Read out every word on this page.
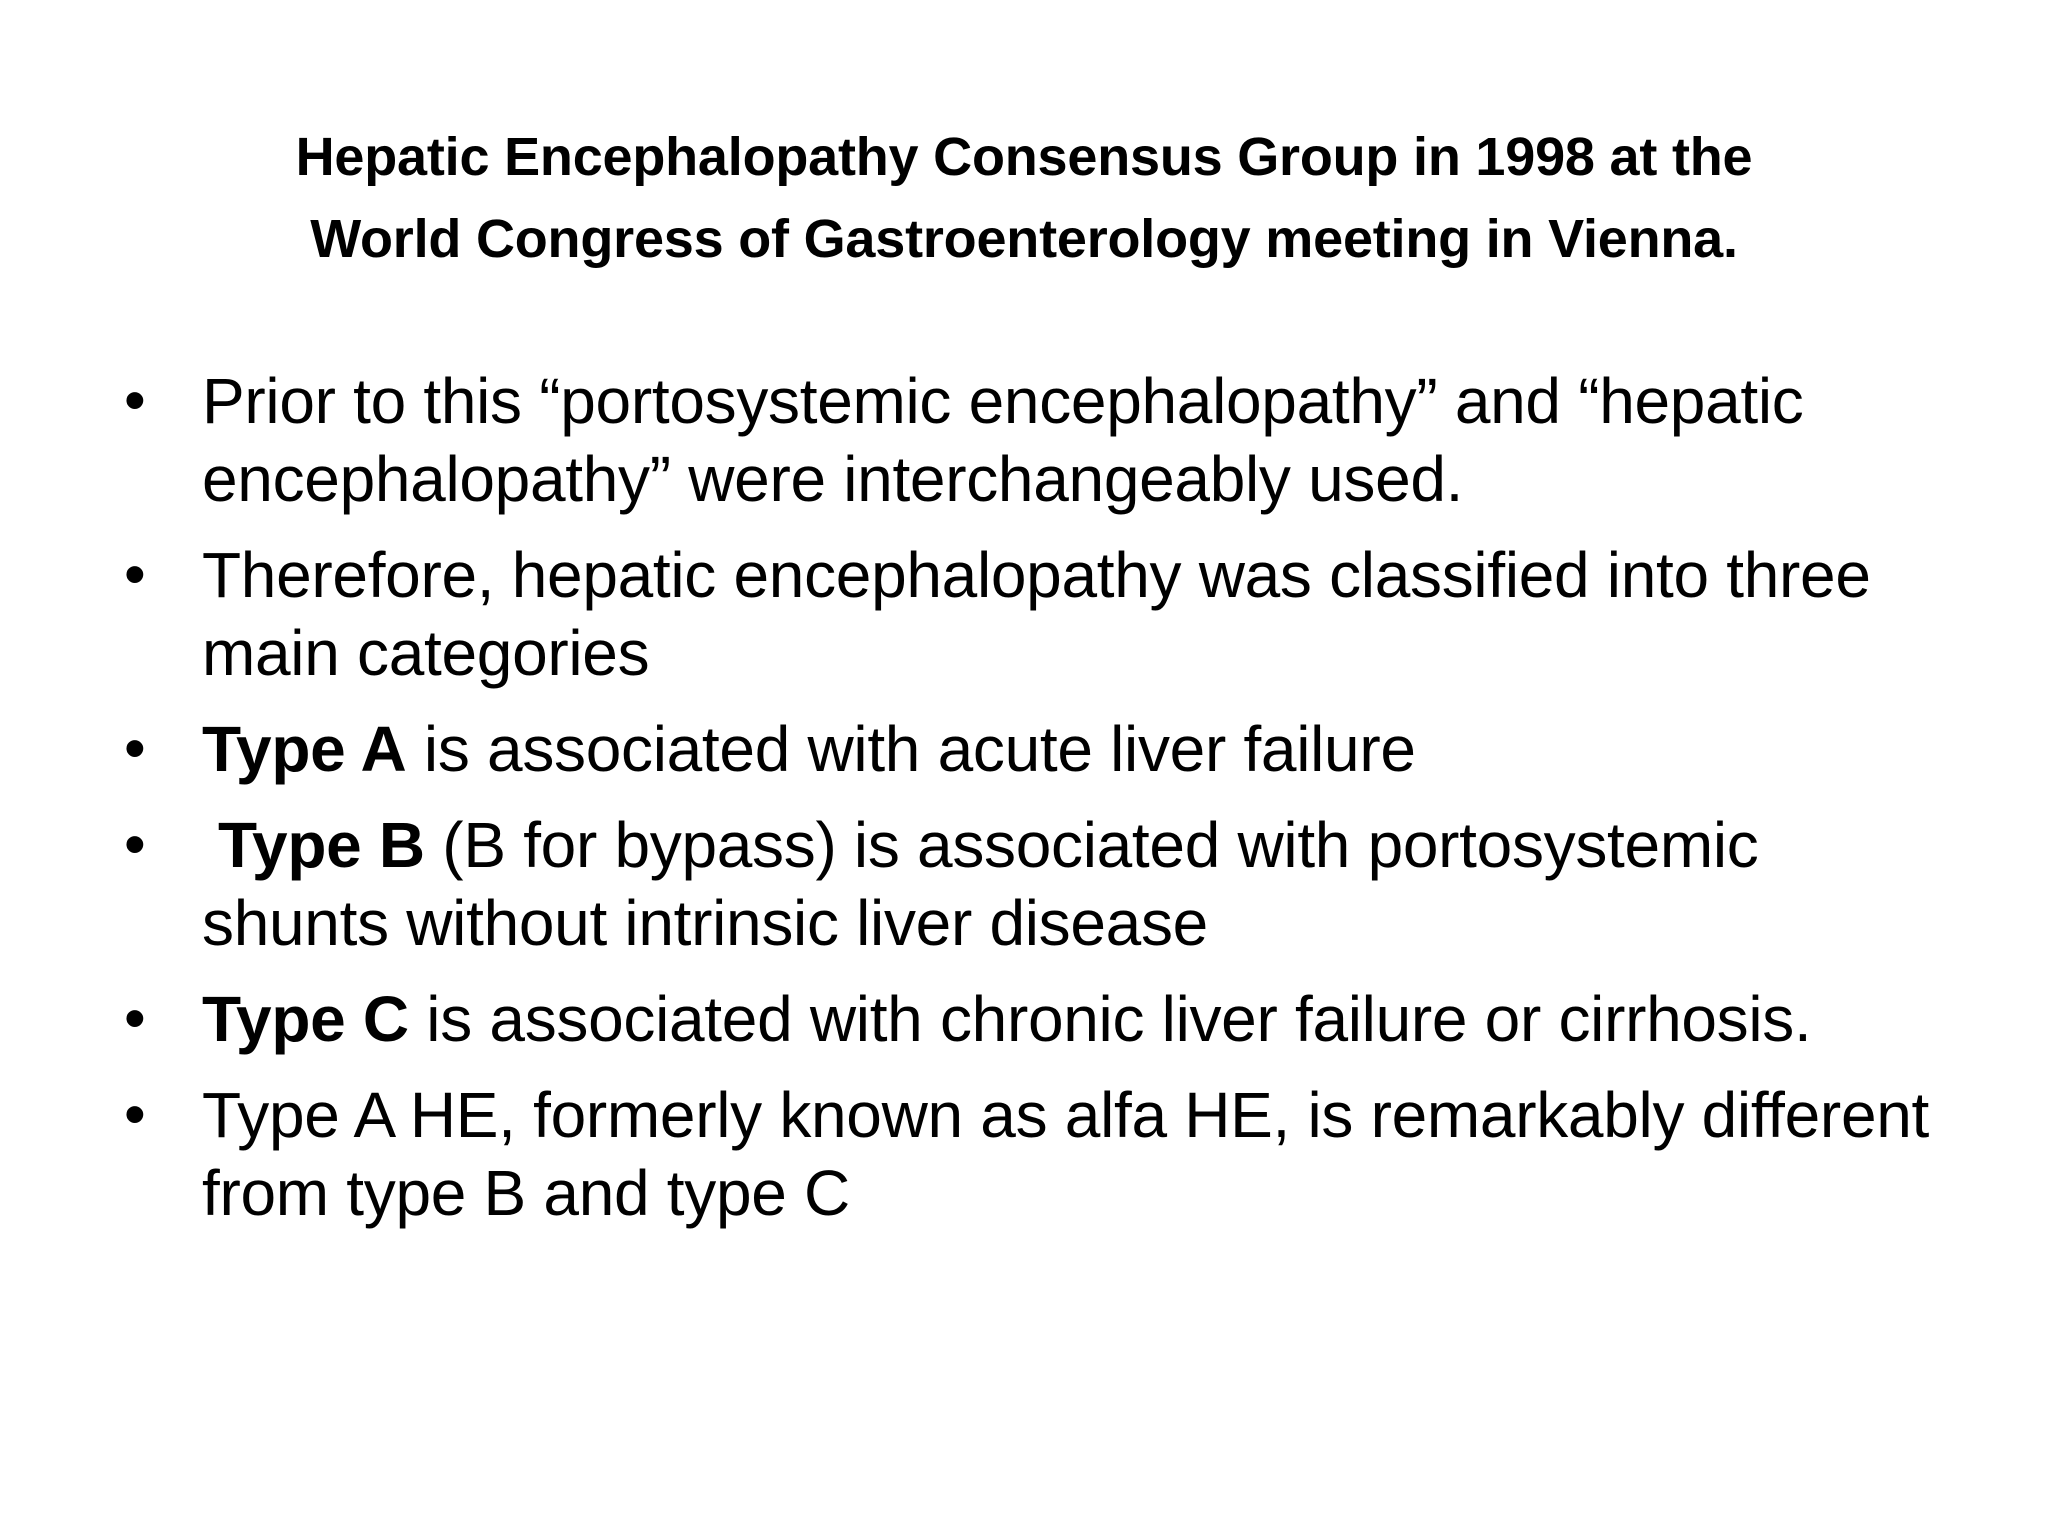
Hepatic Encephalopathy Consensus Group in 1998 at the
World Congress of Gastroenterology meeting in Vienna.
• Prior to this “portosystemic encephalopathy” and “hepatic encephalopathy” were interchangeably used.
• Therefore, hepatic encephalopathy was classified into three main categories
• Type A is associated with acute liver failure
•	Type B (B for bypass) is associated with portosystemic shunts without intrinsic liver disease
• Type C is associated with chronic liver failure or cirrhosis.
• Type A HE, formerly known as alfa HE, is remarkably different from type B and type C
